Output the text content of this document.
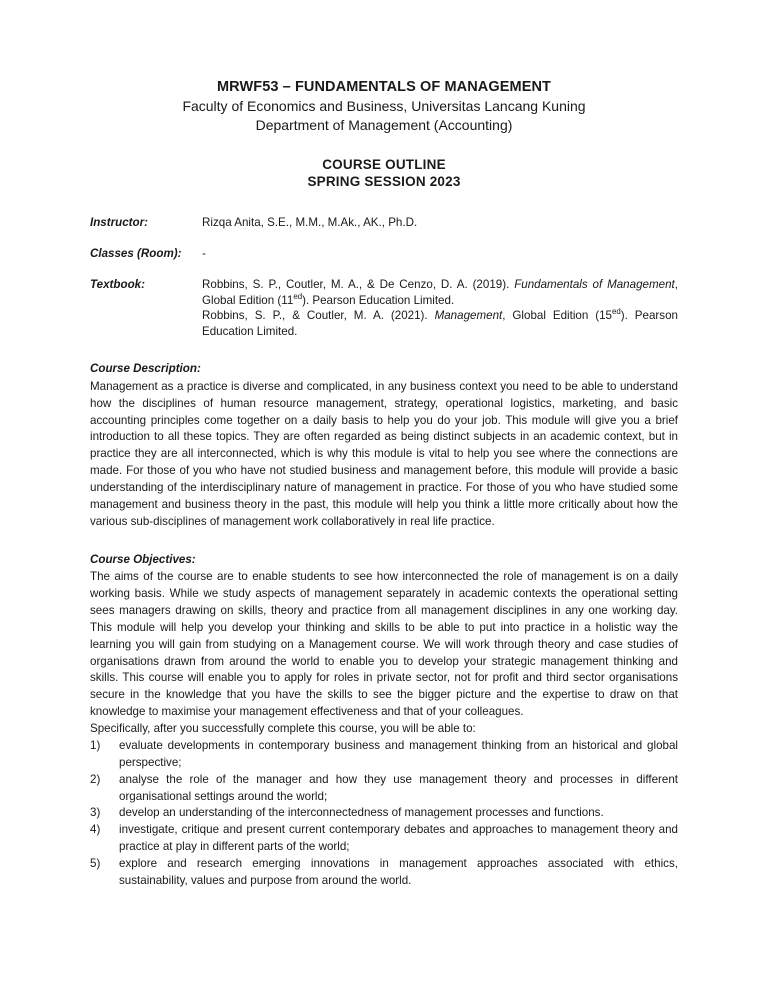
MRWF53 – FUNDAMENTALS OF MANAGEMENT
Faculty of Economics and Business, Universitas Lancang Kuning
Department of Management (Accounting)
COURSE OUTLINE
SPRING SESSION 2023
Instructor:	Rizqa Anita, S.E., M.M., M.Ak., AK., Ph.D.
Classes (Room):	-
Textbook:	Robbins, S. P., Coutler, M. A., & De Cenzo, D. A. (2019). Fundamentals of Management, Global Edition $(11^{ed})$. Pearson Education Limited.
Robbins, S. P., & Coutler, M. A. (2021). Management, Global Edition $(15^{ed})$. Pearson Education Limited.
Course Description:
Management as a practice is diverse and complicated, in any business context you need to be able to understand how the disciplines of human resource management, strategy, operational logistics, marketing, and basic accounting principles come together on a daily basis to help you do your job. This module will give you a brief introduction to all these topics. They are often regarded as being distinct subjects in an academic context, but in practice they are all interconnected, which is why this module is vital to help you see where the connections are made. For those of you who have not studied business and management before, this module will provide a basic understanding of the interdisciplinary nature of management in practice. For those of you who have studied some management and business theory in the past, this module will help you think a little more critically about how the various sub-disciplines of management work collaboratively in real life practice.
Course Objectives:
The aims of the course are to enable students to see how interconnected the role of management is on a daily working basis. While we study aspects of management separately in academic contexts the operational setting sees managers drawing on skills, theory and practice from all management disciplines in any one working day. This module will help you develop your thinking and skills to be able to put into practice in a holistic way the learning you will gain from studying on a Management course. We will work through theory and case studies of organisations drawn from around the world to enable you to develop your strategic management thinking and skills. This course will enable you to apply for roles in private sector, not for profit and third sector organisations secure in the knowledge that you have the skills to see the bigger picture and the expertise to draw on that knowledge to maximise your management effectiveness and that of your colleagues.
Specifically, after you successfully complete this course, you will be able to:
1)	evaluate developments in contemporary business and management thinking from an historical and global perspective;
2)	analyse the role of the manager and how they use management theory and processes in different organisational settings around the world;
3)	develop an understanding of the interconnectedness of management processes and functions.
4)	investigate, critique and present current contemporary debates and approaches to management theory and practice at play in different parts of the world;
5)	explore and research emerging innovations in management approaches associated with ethics, sustainability, values and purpose from around the world.
